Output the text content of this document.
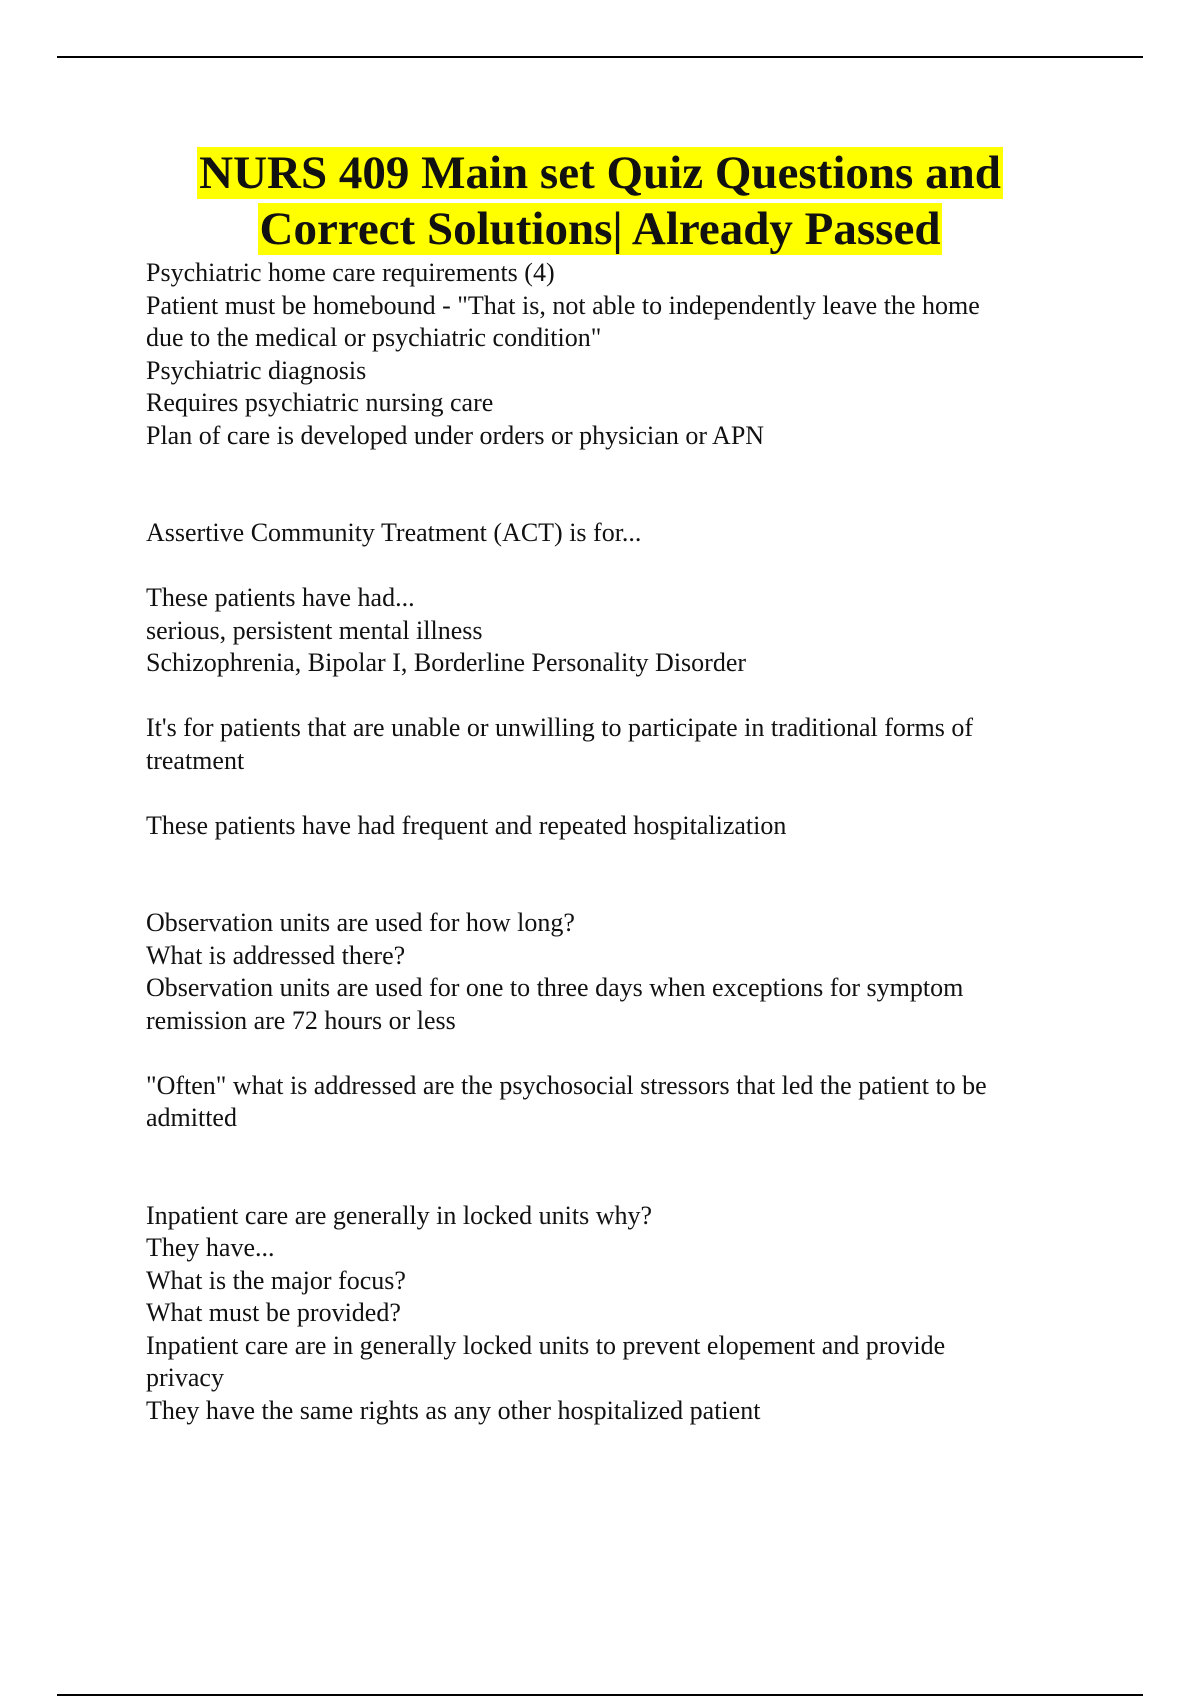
NURS 409 Main set Quiz Questions and
Correct Solutions| Already Passed
Psychiatric home care requirements (4)
Patient must be homebound - "That is, not able to independently leave the home
due to the medical or psychiatric condition"
Psychiatric diagnosis
Requires psychiatric nursing care
Plan of care is developed under orders or physician or APN
Assertive Community Treatment (ACT) is for...
These patients have had...
serious, persistent mental illness
Schizophrenia, Bipolar I, Borderline Personality Disorder
It's for patients that are unable or unwilling to participate in traditional forms of
treatment
These patients have had frequent and repeated hospitalization
Observation units are used for how long?
What is addressed there?
Observation units are used for one to three days when exceptions for symptom
remission are 72 hours or less
"Often" what is addressed are the psychosocial stressors that led the patient to be
admitted
Inpatient care are generally in locked units why?
They have...
What is the major focus?
What must be provided?
Inpatient care are in generally locked units to prevent elopement and provide
privacy
They have the same rights as any other hospitalized patient
